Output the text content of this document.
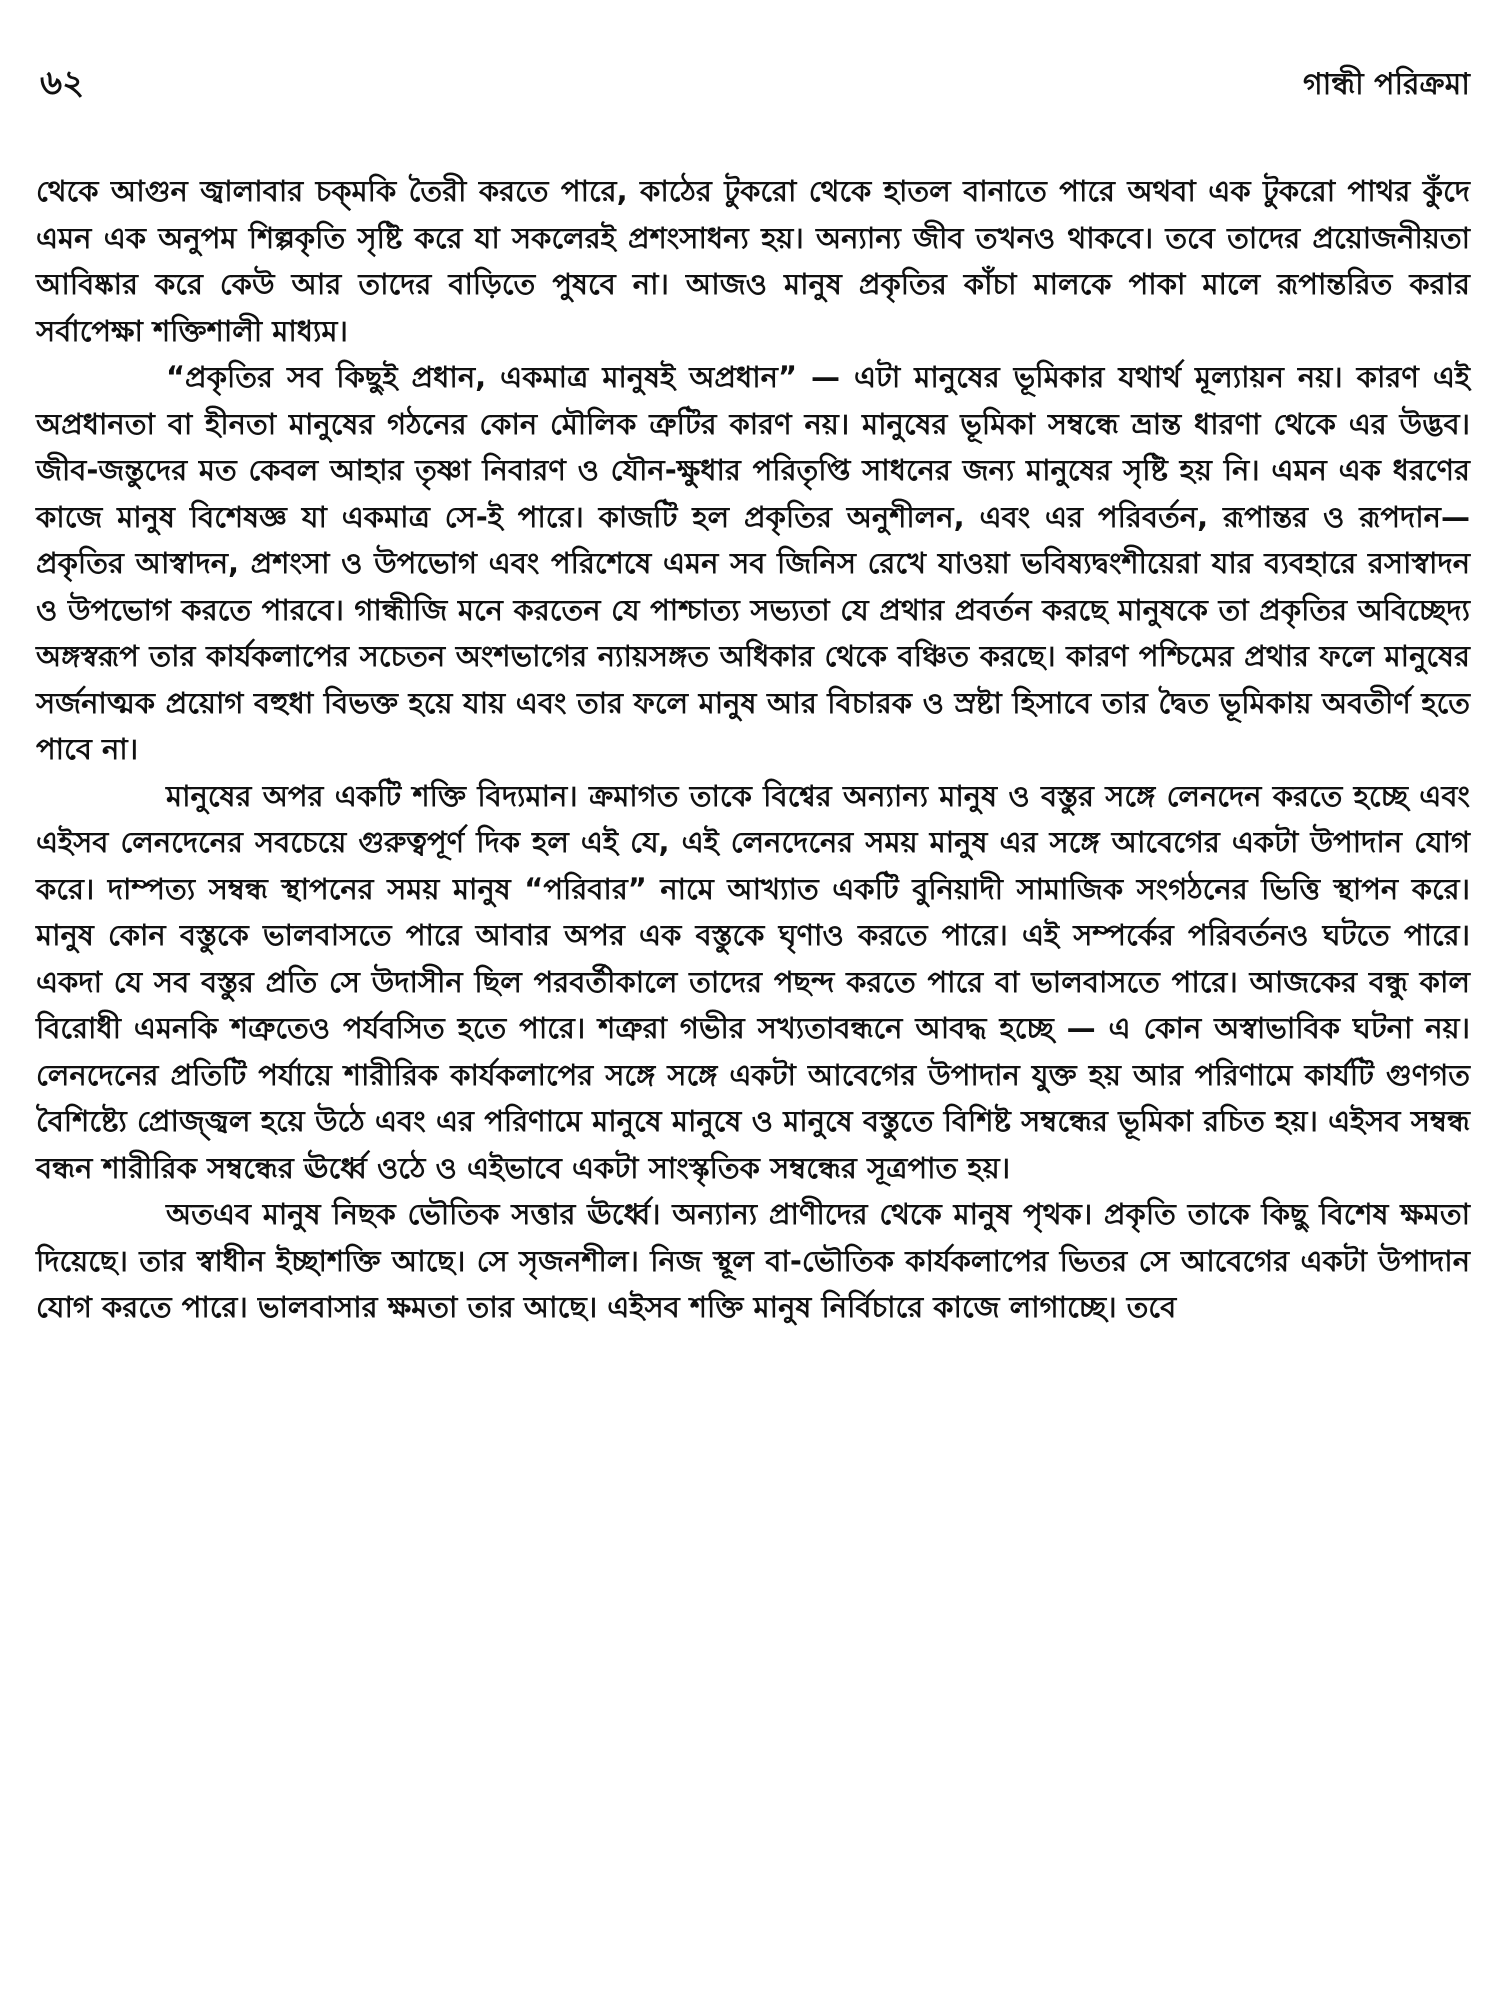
৬২	গান্ধী পরিক্রমা

থেকে আগুন জ্বালাবার চক্‌মকি তৈরী করতে পারে, কাঠের টুকরো থেকে হাতল বানাতে পারে অথবা এক টুকরো পাথর কুঁদে এমন এক অনুপম শিল্পকৃতি সৃষ্টি করে যা সকলেরই প্রশংসাধন্য হয়। অন্যান্য জীব তখনও থাকবে। তবে তাদের প্রয়োজনীয়তা আবিষ্কার করে কেউ আর তাদের বাড়িতে পুষবে না। আজও মানুষ প্রকৃতির কাঁচা মালকে পাকা মালে রূপান্তরিত করার সর্বাপেক্ষা শক্তিশালী মাধ্যম।

“প্রকৃতির সব কিছুই প্রধান, একমাত্র মানুষই অপ্রধান” — এটা মানুষের ভূমিকার যথার্থ মূল্যায়ন নয়। কারণ এই অপ্রধানতা বা হীনতা মানুষের গঠনের কোন মৌলিক ত্রুটির কারণ নয়। মানুষের ভূমিকা সম্বন্ধে ভ্রান্ত ধারণা থেকে এর উদ্ভব। জীব-জন্তুদের মত কেবল আহার তৃষ্ণা নিবারণ ও যৌন-ক্ষুধার পরিতৃপ্তি সাধনের জন্য মানুষের সৃষ্টি হয় নি। এমন এক ধরণের কাজে মানুষ বিশেষজ্ঞ যা একমাত্র সে-ই পারে। কাজটি হল প্রকৃতির অনুশীলন, এবং এর পরিবর্তন, রূপান্তর ও রূপদান—প্রকৃতির আস্বাদন, প্রশংসা ও উপভোগ এবং পরিশেষে এমন সব জিনিস রেখে যাওয়া ভবিষ্যদ্বংশীয়েরা যার ব্যবহারে রসাস্বাদন ও উপভোগ করতে পারবে। গান্ধীজি মনে করতেন যে পাশ্চাত্য সভ্যতা যে প্রথার প্রবর্তন করছে মানুষকে তা প্রকৃতির অবিচ্ছেদ্য অঙ্গস্বরূপ তার কার্যকলাপের সচেতন অংশভাগের ন্যায়সঙ্গত অধিকার থেকে বঞ্চিত করছে। কারণ পশ্চিমের প্রথার ফলে মানুষের সর্জনাত্মক প্রয়োগ বহুধা বিভক্ত হয়ে যায় এবং তার ফলে মানুষ আর বিচারক ও স্রষ্টা হিসাবে তার দ্বৈত ভূমিকায় অবতীর্ণ হতে পাবে না।

মানুষের অপর একটি শক্তি বিদ্যমান। ক্রমাগত তাকে বিশ্বের অন্যান্য মানুষ ও বস্তুর সঙ্গে লেনদেন করতে হচ্ছে এবং এইসব লেনদেনের সবচেয়ে গুরুত্বপূর্ণ দিক হল এই যে, এই লেনদেনের সময় মানুষ এর সঙ্গে আবেগের একটা উপাদান যোগ করে। দাম্পত্য সম্বন্ধ স্থাপনের সময় মানুষ “পরিবার” নামে আখ্যাত একটি বুনিয়াদী সামাজিক সংগঠনের ভিত্তি স্থাপন করে। মানুষ কোন বস্তুকে ভালবাসতে পারে আবার অপর এক বস্তুকে ঘৃণাও করতে পারে। এই সম্পর্কের পরিবর্তনও ঘটতে পারে। একদা যে সব বস্তুর প্রতি সে উদাসীন ছিল পরবর্তীকালে তাদের পছন্দ করতে পারে বা ভালবাসতে পারে। আজকের বন্ধু কাল বিরোধী এমনকি শত্রুতেও পর্যবসিত হতে পারে। শত্রুরা গভীর সখ্যতাবন্ধনে আবদ্ধ হচ্ছে — এ কোন অস্বাভাবিক ঘটনা নয়। লেনদেনের প্রতিটি পর্যায়ে শারীরিক কার্যকলাপের সঙ্গে সঙ্গে একটা আবেগের উপাদান যুক্ত হয় আর পরিণামে কার্যটি গুণগত বৈশিষ্ট্যে প্রোজ্জ্বল হয়ে উঠে এবং এর পরিণামে মানুষে মানুষে ও মানুষে বস্তুতে বিশিষ্ট সম্বন্ধের ভূমিকা রচিত হয়। এইসব সম্বন্ধ বন্ধন শারীরিক সম্বন্ধের ঊর্ধ্বে ওঠে ও এইভাবে একটা সাংস্কৃতিক সম্বন্ধের সূত্রপাত হয়।

অতএব মানুষ নিছক ভৌতিক সত্তার ঊর্ধ্বে। অন্যান্য প্রাণীদের থেকে মানুষ পৃথক। প্রকৃতি তাকে কিছু বিশেষ ক্ষমতা দিয়েছে। তার স্বাধীন ইচ্ছাশক্তি আছে। সে সৃজনশীল। নিজ স্থূল বা-ভৌতিক কার্যকলাপের ভিতর সে আবেগের একটা উপাদান যোগ করতে পারে। ভালবাসার ক্ষমতা তার আছে। এইসব শক্তি মানুষ নির্বিচারে কাজে লাগাচ্ছে। তবে
